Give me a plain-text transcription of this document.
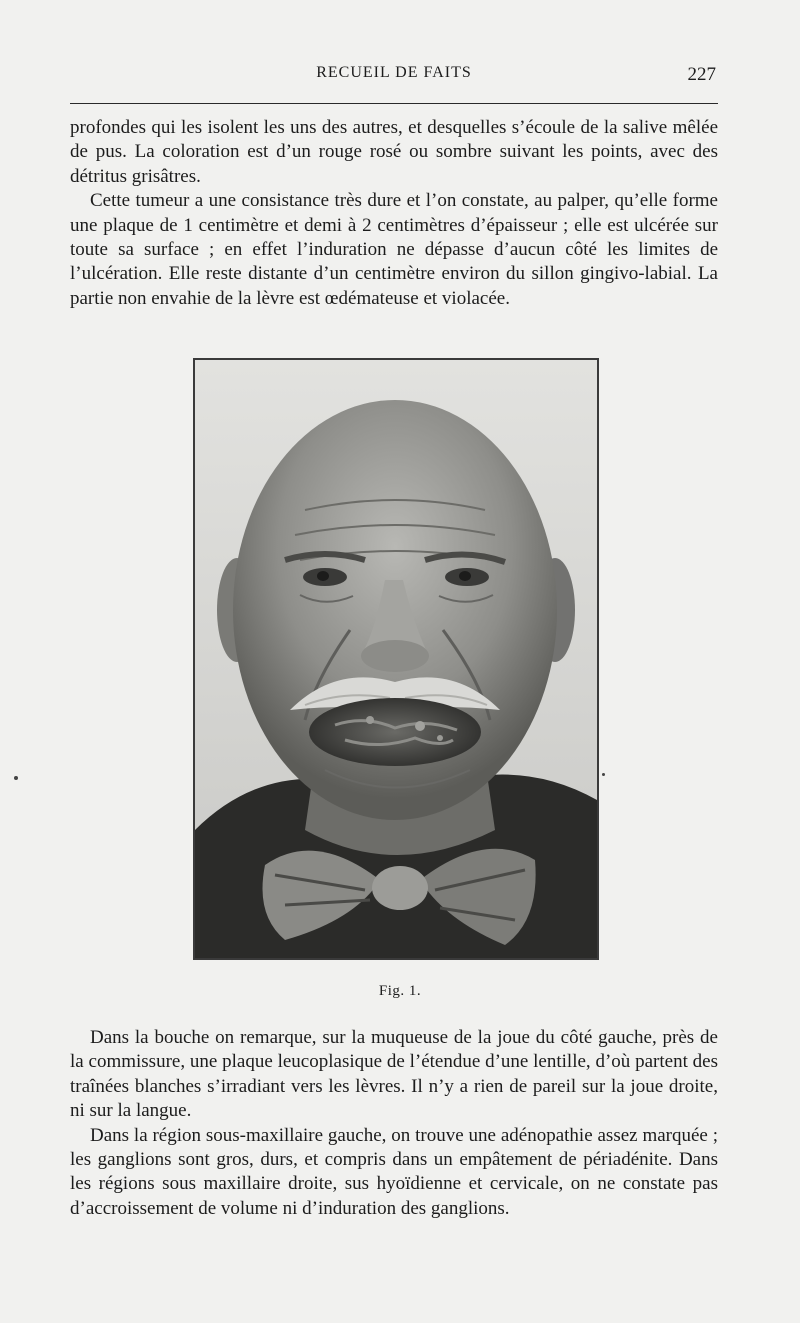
RECUEIL DE FAITS	227

profondes qui les isolent les uns des autres, et desquelles s’écoule de la salive mêlée de pus. La coloration est d’un rouge rosé ou sombre suivant les points, avec des détritus grisâtres.

Cette tumeur a une consistance très dure et l’on constate, au palper, qu’elle forme une plaque de 1 centimètre et demi à 2 centimètres d’épaisseur ; elle est ulcérée sur toute sa surface ; en effet l’induration ne dépasse d’aucun côté les limites de l’ulcération. Elle reste distante d’un centimètre environ du sillon gingivo-labial. La partie non envahie de la lèvre est œdémateuse et violacée.

Fig. 1.

Dans la bouche on remarque, sur la muqueuse de la joue du côté gauche, près de la commissure, une plaque leucoplasique de l’étendue d’une lentille, d’où partent des traînées blanches s’irradiant vers les lèvres. Il n’y a rien de pareil sur la joue droite, ni sur la langue.

Dans la région sous-maxillaire gauche, on trouve une adénopathie assez marquée ; les ganglions sont gros, durs, et compris dans un empâtement de périadénite. Dans les régions sous maxillaire droite, sus hyoïdienne et cervicale, on ne constate pas d’accroissement de volume ni d’induration des ganglions.
